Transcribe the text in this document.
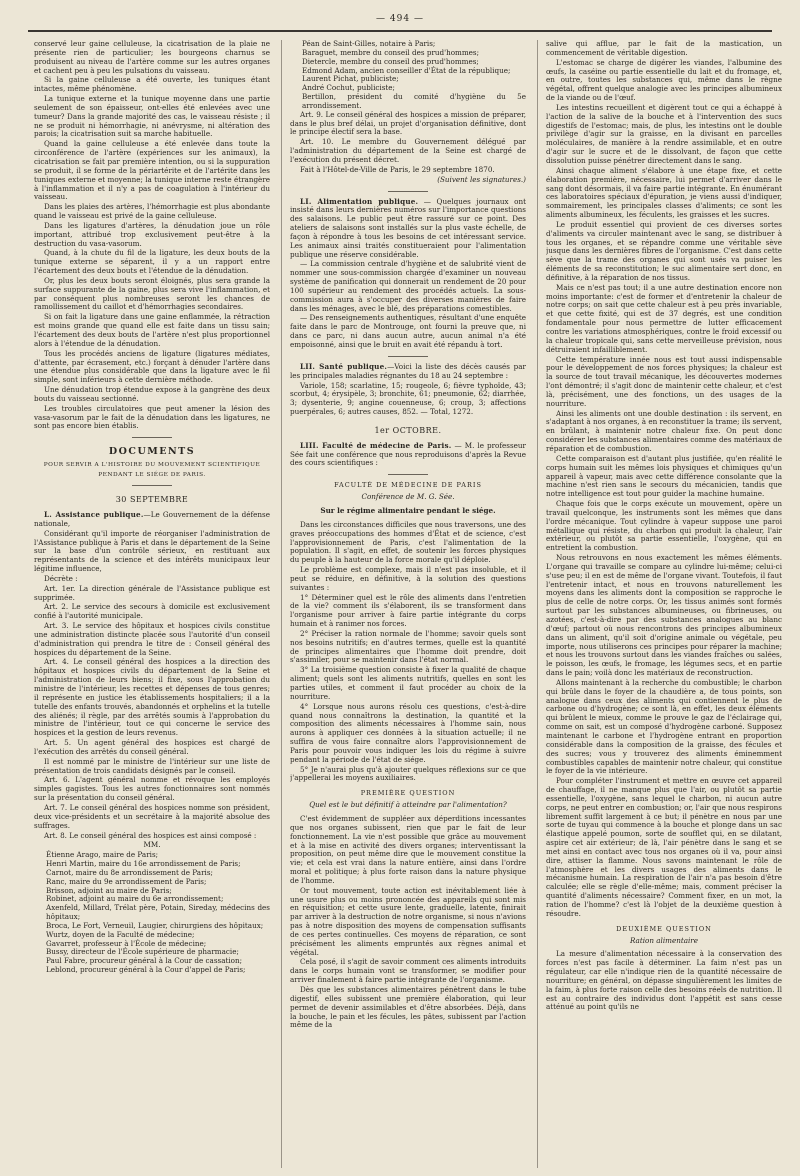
— 494 —

conservé leur gaine celluleuse, la cicatrisation de la plaie ne présente rien de particulier; les bourgeons charnus se produisent au niveau de l'artère comme sur les autres organes et cachent peu à peu les pulsations du vaisseau.

Si la gaine celluleuse a été ouverte, les tuniques étant intactes, même phénomène.

La tunique externe et la tunique moyenne dans une partie seulement de son épaisseur, ont-elles été enlevées avec une tumeur? Dans la grande majorité des cas, le vaisseau résiste ; il ne se produit ni hémorrhagie, ni anévrysme, ni altération des parois; la cicatrisation suit sa marche habituelle.

Quand la gaine celluleuse a été enlevée dans toute la circonférence de l'artère (expériences sur les animaux), la cicatrisation se fait par première intention, ou si la suppuration se produit, il se forme de la périartérite et de l'artérite dans les tuniques externe et moyenne; la tunique interne reste étrangère à l'inflammation et il n'y a pas de coagulation à l'intérieur du vaisseau.

Dans les plaies des artères, l'hémorrhagie est plus abondante quand le vaisseau est privé de la gaine celluleuse.

Dans les ligatures d'artères, la dénudation joue un rôle important, attribué trop exclusivement peut-être à la destruction du vasa-vasorum.

Quand, à la chute du fil de la ligature, les deux bouts de la tunique externe se séparent, il y a un rapport entre l'écartement des deux bouts et l'étendue de la dénudation.

Or, plus les deux bouts seront éloignés, plus sera grande la surface suppurante de la gaine, plus sera vive l'inflammation, et par conséquent plus nombreuses seront les chances de ramollissement du caillot et d'hémorrhagies secondaires.

Si on fait la ligature dans une gaine enflammée, la rétraction est moins grande que quand elle est faite dans un tissu sain; l'écartement des deux bouts de l'artère n'est plus proportionnel alors à l'étendue de la dénudation.

Tous les procédés anciens de ligature (ligatures médiates, d'attente, par écrasement, etc.) forçant à dénuder l'artère dans une étendue plus considérable que dans la ligature avec le fil simple, sont inférieurs à cette dernière méthode.

Une dénudation trop étendue expose à la gangrène des deux bouts du vaisseau sectionné.

Les troubles circulatoires que peut amener la lésion des vasa-vasorum par le fait de la dénudation dans les ligatures, ne sont pas encore bien établis.

DOCUMENTS
POUR SERVIR A L'HISTOIRE DU MOUVEMENT SCIENTIFIQUE
PENDANT LE SIÉGE DE PARIS.
30 SEPTEMBRE

L. Assistance publique.—Le Gouvernement de la défense nationale,

Considérant qu'il importe de réorganiser l'administration de l'Assistance publique à Paris et dans le département de la Seine sur la base d'un contrôle sérieux, en restituant aux représentants de la science et des intérêts municipaux leur légitime influence,

Décrète :

Art. 1er. La direction générale de l'Assistance publique est supprimée.

Art. 2. Le service des secours à domicile est exclusivement confié à l'autorité municipale.

Art. 3. Le service des hôpitaux et hospices civils constitue une administration distincte placée sous l'autorité d'un conseil d'administration qui prendra le titre de : Conseil général des hospices du département de la Seine.

Art. 4. Le conseil général des hospices a la direction des hôpitaux et hospices civils du département de la Seine et l'administration de leurs biens; il fixe, sous l'approbation du ministre de l'intérieur, les recettes et dépenses de tous genres; il représente en justice les établissements hospitaliers; il a la tutelle des enfants trouvés, abandonnés et orphelins et la tutelle des aliénés; il règle, par des arrêtés soumis à l'approbation du ministre de l'intérieur, tout ce qui concerne le service des hospices et la gestion de leurs revenus.

Art. 5. Un agent général des hospices est chargé de l'exécution des arrêtés du conseil général.

Il est nommé par le ministre de l'intérieur sur une liste de présentation de trois candidats désignés par le conseil.

Art. 6. L'agent général nomme et révoque les employés simples gagistes. Tous les autres fonctionnaires sont nommés sur la présentation du conseil général.

Art. 7. Le conseil général des hospices nomme son président, deux vice-présidents et un secrétaire à la majorité absolue des suffrages.

Art. 8. Le conseil général des hospices est ainsi composé :

MM.
Étienne Arago, maire de Paris;
Henri Martin, maire du 16e arrondissement de Paris;
Carnot, maire du 8e arrondissement de Paris;
Ranc, maire du 9e arrondissement de Paris;
Brisson, adjoint au maire de Paris;
Robinet, adjoint au maire du 6e arrondissement;
Axenfeld, Millard, Trélat père, Potain, Sireday, médecins des hôpitaux;
Broca, Le Fort, Verneuil, Laugier, chirurgiens des hôpitaux;
Wurtz, doyen de la Faculté de médecine;
Gavarret, professeur à l'École de médecine;
Bussy, directeur de l'École supérieure de pharmacie;
Paul Fabre, procureur général à la Cour de cassation;
Leblond, procureur général à la Cour d'appel de Paris;
Péan de Saint-Gilles, notaire à Paris;
Baraguet, membre du conseil des prud'hommes;
Dietercle, membre du conseil des prud'hommes;
Edmond Adam, ancien conseiller d'État de la république;
Laurent Pichat, publiciste;
André Cochut, publiciste;
Bertillon, président du comité d'hygiène du 5e arrondissement.

Art. 9. Le conseil général des hospices a mission de préparer, dans le plus bref délai, un projet d'organisation définitive, dont le principe électif sera la base.

Art. 10. Le membre du Gouvernement délégué par l'administration du département de la Seine est chargé de l'exécution du présent décret.

Fait à l'Hôtel-de-Ville de Paris, le 29 septembre 1870.

(Suivent les signatures.)

LI. Alimentation publique. — Quelques journaux ont insisté dans leurs dernières numéros sur l'importance questions des salaisons. Le public peut être rassuré sur ce point. Des ateliers de salaisons sont installés sur la plus vaste échelle, de façon à répondre à tous les besoins de cet intéressant service. Les animaux ainsi traités constitueraient pour l'alimentation publique une réserve considérable.

— La commission centrale d'hygiène et de salubrité vient de nommer une sous-commission chargée d'examiner un nouveau système de panification qui donnerait un rendement de 20 pour 100 supérieur au rendement des procédés actuels. La sous-commission aura à s'occuper des diverses manières de faire dans les ménages, avec le blé, des préparations comestibles.

— Des renseignements authentiques, résultant d'une enquête faite dans le parc de Montrouge, ont fourni la preuve que, ni dans ce parc, ni dans aucun autre, aucun animal n'a été empoisonné, ainsi que le bruit en avait été répandu à tort.

LII. Santé publique.—Voici la liste des décès causés par les principales maladies régnantes du 18 au 24 septembre :

Variole, 158; scarlatine, 15; rougeole, 6; fièvre typhoïde, 43; scorbut, 4; érysipèle, 3; bronchite, 61; pneumonie, 62; diarrhée, 3; dysenterie, 9; angine couenneuse, 6; croup, 3; affections puerpérales, 6; autres causes, 852. — Total, 1272.

1er OCTOBRE.

LIII. Faculté de médecine de Paris. — M. le professeur Sée fait une conférence que nous reproduisons d'après la Revue des cours scientifiques :

FACULTÉ DE MÉDECINE DE PARIS
Conférence de M. G. Sée.
Sur le régime alimentaire pendant le siége.

Dans les circonstances difficiles que nous traversons, une des graves préoccupations des hommes d'État et de science, c'est l'approvisionnement de Paris, c'est l'alimentation de la population. Il s'agit, en effet, de soutenir les forces physiques du peuple à la hauteur de la force morale qu'il déploie.

Le problème est complexe, mais il n'est pas insoluble, et il peut se réduire, en définitive, à la solution des questions suivantes :

1° Déterminer quel est le rôle des aliments dans l'entretien de la vie? comment ils s'élaborent, ils se transforment dans l'organisme pour arriver à faire partie intégrante du corps humain et à ranimer nos forces.

2° Préciser la ration normale de l'homme; savoir quels sont nos besoins nutritifs; en d'autres termes, quelle est la quantité de principes alimentaires que l'homme doit prendre, doit s'assimiler, pour se maintenir dans l'état normal.

3° La troisième question consiste à fixer la qualité de chaque aliment; quels sont les aliments nutritifs, quelles en sont les parties utiles, et comment il faut procéder au choix de la nourriture.

4° Lorsque nous aurons résolu ces questions, c'est-à-dire quand nous connaîtrons la destination, la quantité et la composition des aliments nécessaires à l'homme sain, nous aurons à appliquer ces données à la situation actuelle; il ne suffira de vous faire connaître alors l'approvisionnement de Paris pour pouvoir vous indiquer les lois du régime à suivre pendant la période de l'état de siége.

5° Je n'aurai plus qu'à ajouter quelques réflexions sur ce que j'appellerai les moyens auxiliaires.

PREMIÈRE QUESTION
Quel est le but définitif à atteindre par l'alimentation?

C'est évidemment de suppléer aux déperditions incessantes que nos organes subissent, rien que par le fait de leur fonctionnement. La vie n'est possible que grâce au mouvement et à la mise en activité des divers organes; interventissant la proposition, on peut même dire que le mouvement constitue la vie; et cela est vrai dans la nature entière, ainsi dans l'ordre moral et politique; à plus forte raison dans la nature physique de l'homme.

Or tout mouvement, toute action est inévitablement liée à une usure plus ou moins prononcée des appareils qui sont mis en réquisition; et cette usure lente, graduelle, latente, finirait par arriver à la destruction de notre organisme, si nous n'avions pas à notre disposition des moyens de compensation suffisants de ces pertes continuelles. Ces moyens de réparation, ce sont précisément les aliments empruntés aux règnes animal et végétal.

Cela posé, il s'agit de savoir comment ces aliments introduits dans le corps humain vont se transformer, se modifier pour arriver finalement à faire partie intégrante de l'organisme.

Dès que les substances alimentaires pénètrent dans le tube digestif, elles subissent une première élaboration, qui leur permet de devenir assimilables et d'être absorbées. Déjà, dans la bouche, le pain et les fécules, les pâtes, subissent par l'action même de la

salive qui afflue, par le fait de la mastication, un commencement de véritable digestion.

L'estomac se charge de digérer les viandes, l'albumine des œufs, la caséine ou partie essentielle du lait et du fromage, et, en outre, toutes les substances qui, même dans le règne végétal, offrent quelque analogie avec les principes albumineux de la viande ou de l'œuf.

Les intestins recueillent et digèrent tout ce qui a échappé à l'action de la salive de la bouche et à l'intervention des sucs digestifs de l'estomac; mais, de plus, les intestins ont le double privilège d'agir sur la graisse, en la divisant en parcelles moléculaires, de manière à la rendre assimilable, et en outre d'agir sur le sucre et de le dissolvant, de façon que cette dissolution puisse pénétrer directement dans le sang.

Ainsi chaque aliment s'élabore à une étape fixe, et cette élaboration première, nécessaire, lui permet d'arriver dans le sang dont désormais, il va faire partie intégrante. En énumérant ces laboratoires spéciaux d'épuration, je viens aussi d'indiquer, sommairement, les principales classes d'aliments; ce sont les aliments albumineux, les féculents, les graisses et les sucres.

Le produit essentiel qui provient de ces diverses sortes d'aliments va circuler maintenant avec le sang, se distribuer à tous les organes, et se répandre comme une véritable sève jusque dans les dernières fibres de l'organisme. C'est dans cette sève que la trame des organes qui sont usés va puiser les éléments de sa reconstitution; le suc alimentaire sert donc, en définitive, à la réparation de nos tissus.

Mais ce n'est pas tout; il a une autre destination encore non moins importante: c'est de former et d'entretenir la chaleur de notre corps; on sait que cette chaleur est à peu près invariable, et que cette fixité, qui est de 37 degrés, est une condition fondamentale pour nous permettre de lutter efficacement contre les variations atmosphériques, contre le froid excessif ou la chaleur tropicale qui, sans cette merveilleuse prévision, nous détruiraient infailliblement.

Cette température innée nous est tout aussi indispensable pour le développement de nos forces physiques; la chaleur est la source de tout travail mécanique, les découvertes modernes l'ont démontré; il s'agit donc de maintenir cette chaleur, et c'est là, précisément, une des fonctions, un des usages de la nourriture.

Ainsi les aliments ont une double destination : ils servent, en s'adaptant à nos organes, à en reconstituer la trame; ils servent, en brûlant, à maintenir notre chaleur fixe. On peut donc considérer les substances alimentaires comme des matériaux de réparation et de combustion.

Cette comparaison est d'autant plus justifiée, qu'en réalité le corps humain suit les mêmes lois physiques et chimiques qu'un appareil à vapeur, mais avec cette différence consolante que la machine n'est rien sans le secours du mécanicien, tandis que notre intelligence est tout pour guider la machine humaine.

Chaque fois que le corps exécute un mouvement, opère un travail quelconque, les instruments sont les mêmes que dans l'ordre mécanique. Tout cylindre à vapeur suppose une paroi métallique qui résiste, du charbon qui produit la chaleur, l'air extérieur, ou plutôt sa partie essentielle, l'oxygène, qui en entretient la combustion.

Nous retrouvons en nous exactement les mêmes éléments. L'organe qui travaille se compare au cylindre lui-même; celui-ci s'use peu; il en est de même de l'organe vivant. Toutefois, il faut l'entretenir intact, et nous en trouvons naturellement les moyens dans les aliments dont la composition se rapproche le plus de celle de notre corps. Or, les tissus animés sont formés surtout par les substances albumineuses, ou fibrineuses, ou azotées, c'est-à-dire par des substances analogues au blanc d'œuf; partout où nous rencontrons des principes albumineux dans un aliment, qu'il soit d'origine animale ou végétale, peu importe, nous utiliserons ces principes pour réparer la machine; et nous les trouvons surtout dans les viandes fraîches ou salées, le poisson, les œufs, le fromage, les légumes secs, et en partie dans le pain; voilà donc les matériaux de reconstruction.

Allons maintenant à la recherche du combustible; le charbon qui brûle dans le foyer de la chaudière a, de tous points, son analogue dans ceux des aliments qui contiennent le plus de carbone ou d'hydrogène; ce sont là, en effet, les deux éléments qui brûlent le mieux, comme le prouve le gaz de l'éclairage qui, comme on sait, est un composé d'hydrogène carboné. Supposez maintenant le carbone et l'hydrogène entrant en proportion considérable dans la composition de la graisse, des fécules et des sucres; vous y trouverez des aliments éminemment combustibles capables de maintenir notre chaleur, qui constitue le foyer de la vie intérieure.

Pour compléter l'instrument et mettre en œuvre cet appareil de chauffage, il ne manque plus que l'air, ou plutôt sa partie essentielle, l'oxygène, sans lequel le charbon, ni aucun autre corps, ne peut entrer en combustion; or, l'air que nous respirons librement suffit largement à ce but; il pénètre en nous par une sorte de tuyau qui commence à la bouche et plonge dans un sac élastique appelé poumon, sorte de soufflet qui, en se dilatant, aspire cet air extérieur; de là, l'air pénètre dans le sang et se met ainsi en contact avec tous nos organes où il va, pour ainsi dire, attiser la flamme. Nous savons maintenant le rôle de l'atmosphère et les divers usages des aliments dans le mécanisme humain. La respiration de l'air n'a pas besoin d'être calculée; elle se règle d'elle-même; mais, comment préciser la quantité d'aliments nécessaire? Comment fixer, en un mot, la ration de l'homme? c'est là l'objet de la deuxième question à résoudre.

DEUXIÈME QUESTION
Ration alimentaire

La mesure d'alimentation nécessaire à la conservation des forces n'est pas facile à déterminer. La faim n'est pas un régulateur, car elle n'indique rien de la quantité nécessaire de nourriture; en général, on dépasse singulièrement les limites de la faim, à plus forte raison celle des besoins réels de nutrition. Il est au contraire des individus dont l'appétit est sans cesse atténué au point qu'ils ne
